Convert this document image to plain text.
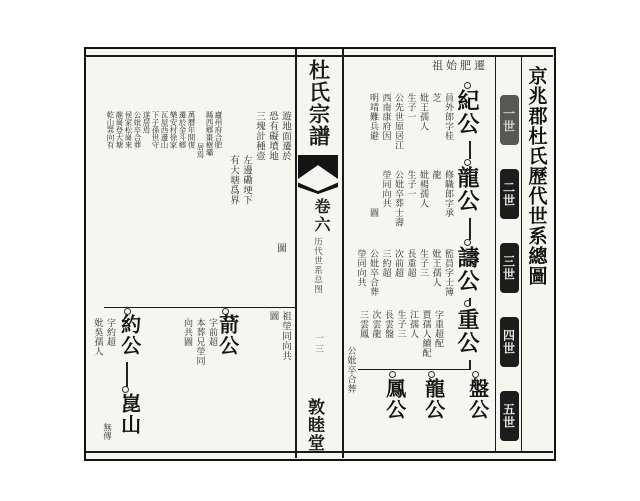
京兆郡杜氏歷代世系總圖
一世
二世
三世
四世
五世
遷肥始祖
紀公
龍公
譸公
重公
盤公
龍公
鳳公
員外郎字桂
芝
妣王孺人
生子一
公先世原居江
西南康府因
明靖難兵避
修職郎字承
龍
妣楊孺人
生子一
公妣卒葬士壽
塋同向共
圖
監員字士簿
妣王孺人
生子三
長重超
次前超
三約超
公妣卒合葬
塋同向共
字重超配
賈孺人續配
江孺人
生子三
長雲盤
次雲龍
三雲鳳
公妣卒合葬
杜氏宗譜
卷六
历代世系总图
一三
敦睦堂
遊地面遷於
恐有礙墳地
三塊計種壹
左邊磡埂下
有大塘爲界
廬州府合肥
縣西鄉棗樹壩
居焉
萬曆年間復
遷於金斗鄉
樂安村徐家
瓦屋西邊山
下子孫世守
遂居焉
公妣卒合葬
侯家松崗來
龍崗登大塘
乾山巽向有
圖
祖塋同向共
圖
葥公
字前超
本葬兄塋同
向共圖
約公
字約超
妣吳孺人
崑山
無傳
